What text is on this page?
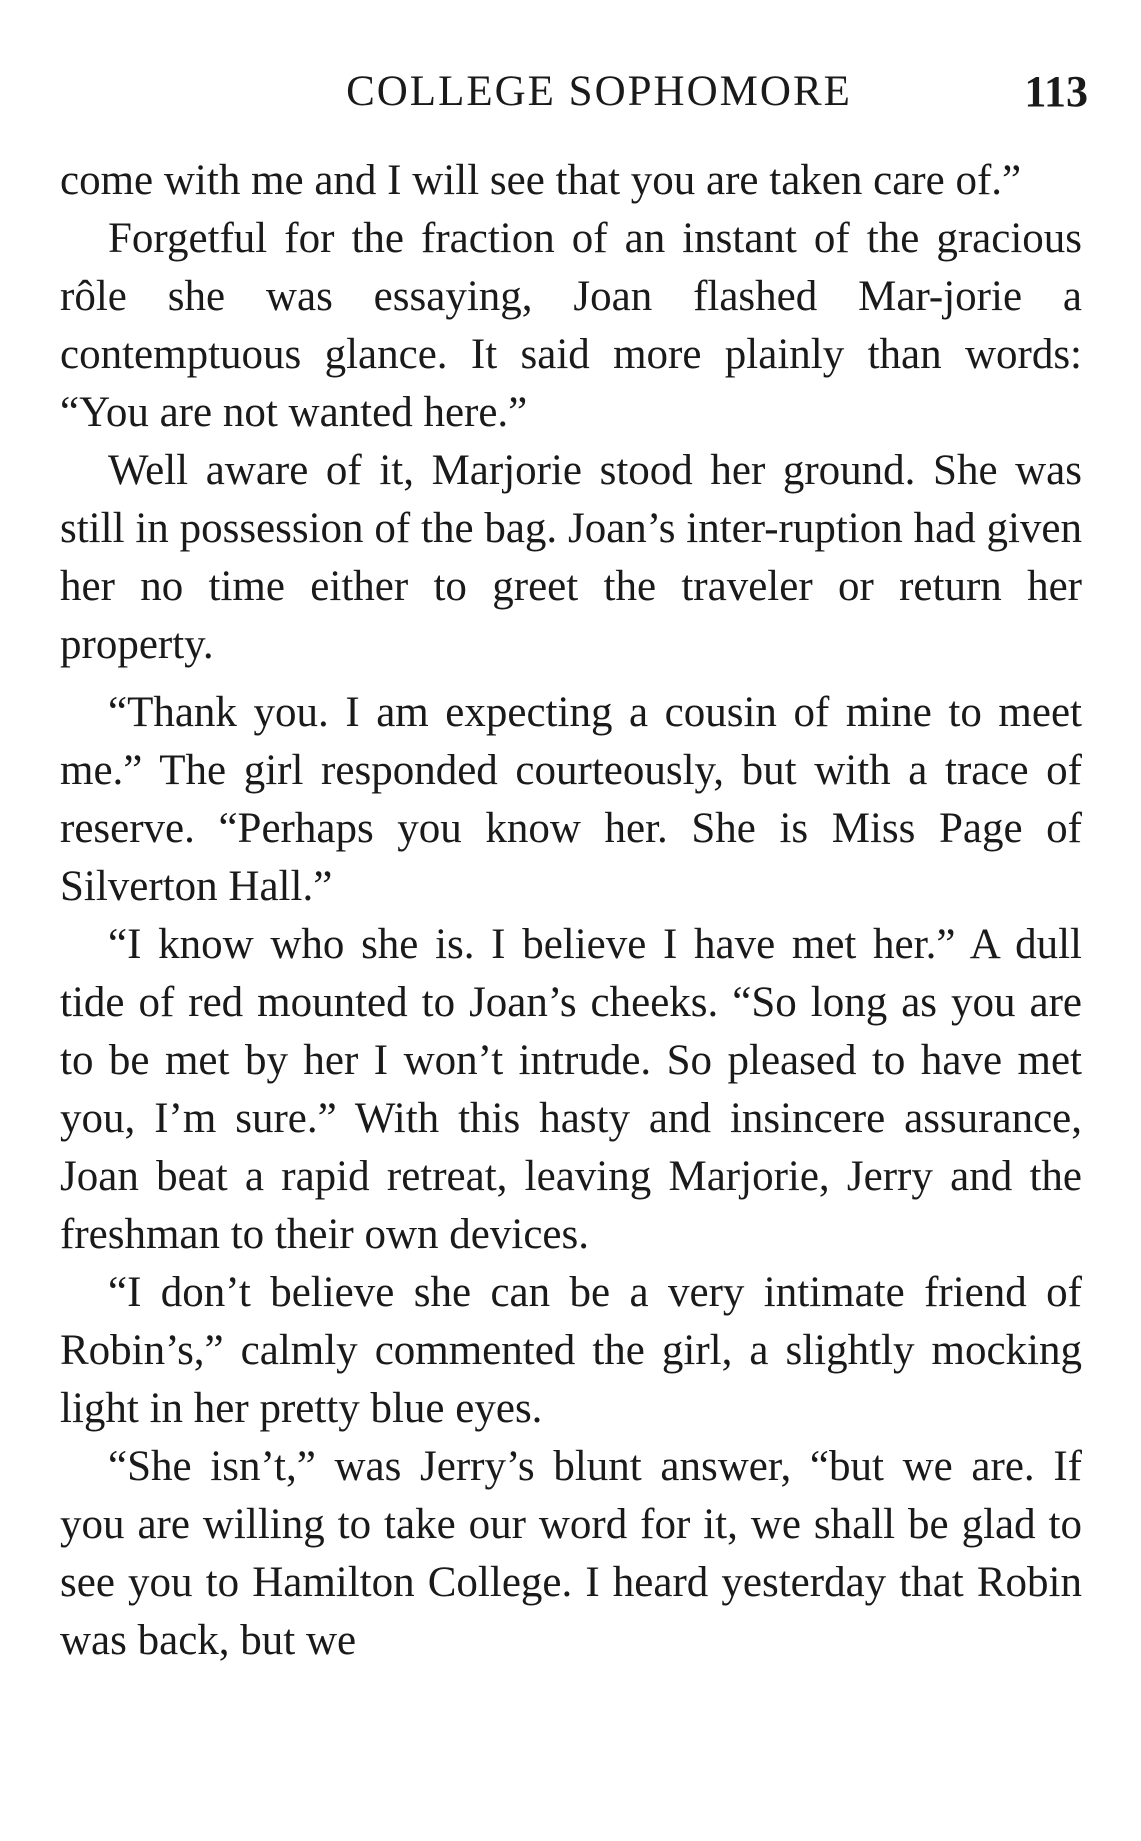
COLLEGE SOPHOMORE	113

come with me and I will see that you are taken care of.”

Forgetful for the fraction of an instant of the gracious rôle she was essaying, Joan flashed Mar-jorie a contemptuous glance. It said more plainly than words: “You are not wanted here.”

Well aware of it, Marjorie stood her ground. She was still in possession of the bag. Joan’s inter-ruption had given her no time either to greet the traveler or return her property.

“Thank you. I am expecting a cousin of mine to meet me.” The girl responded courteously, but with a trace of reserve. “Perhaps you know her. She is Miss Page of Silverton Hall.”

“I know who she is. I believe I have met her.” A dull tide of red mounted to Joan’s cheeks. “So long as you are to be met by her I won’t intrude. So pleased to have met you, I’m sure.” With this hasty and insincere assurance, Joan beat a rapid retreat, leaving Marjorie, Jerry and the freshman to their own devices.

“I don’t believe she can be a very intimate friend of Robin’s,” calmly commented the girl, a slightly mocking light in her pretty blue eyes.

“She isn’t,” was Jerry’s blunt answer, “but we are. If you are willing to take our word for it, we shall be glad to see you to Hamilton College. I heard yesterday that Robin was back, but we
